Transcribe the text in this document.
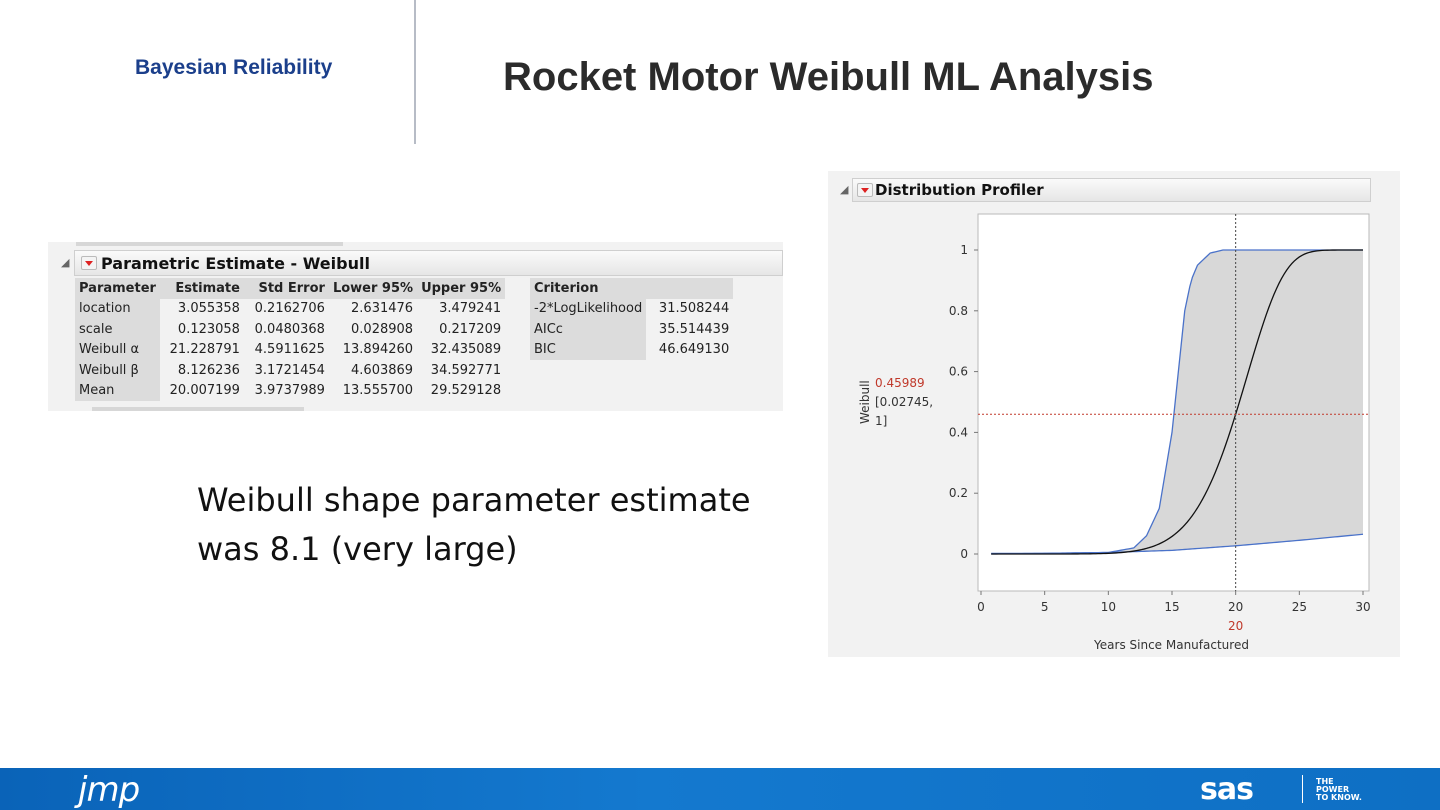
Bayesian Reliability	Rocket Motor Weibull ML Analysis
◢ Parametric Estimate - Weibull
Parameter	Estimate	Std Error	Lower 95%	Upper 95%
location	3.055358	0.2162706	2.631476	3.479241
scale	0.123058	0.0480368	0.028908	0.217209
Weibull α	21.228791	4.5911625	13.894260	32.435089
Weibull β	8.126236	3.1721454	4.603869	34.592771
Mean	20.007199	3.9737989	13.555700	29.529128
Criterion	
-2*LogLikelihood	31.508244
AICc	35.514439
BIC	46.649130
Weibull shape parameter estimate
was 8.1 (very large)
◢ Distribution Profiler
0
0.2
0.4
0.6
0.8
1
0	5	10	15	20	25	30
20
Years Since Manufactured
Weibull 0.45989
[0.02745,
1]
jmp	sas	THE
POWER
TO KNOW.
